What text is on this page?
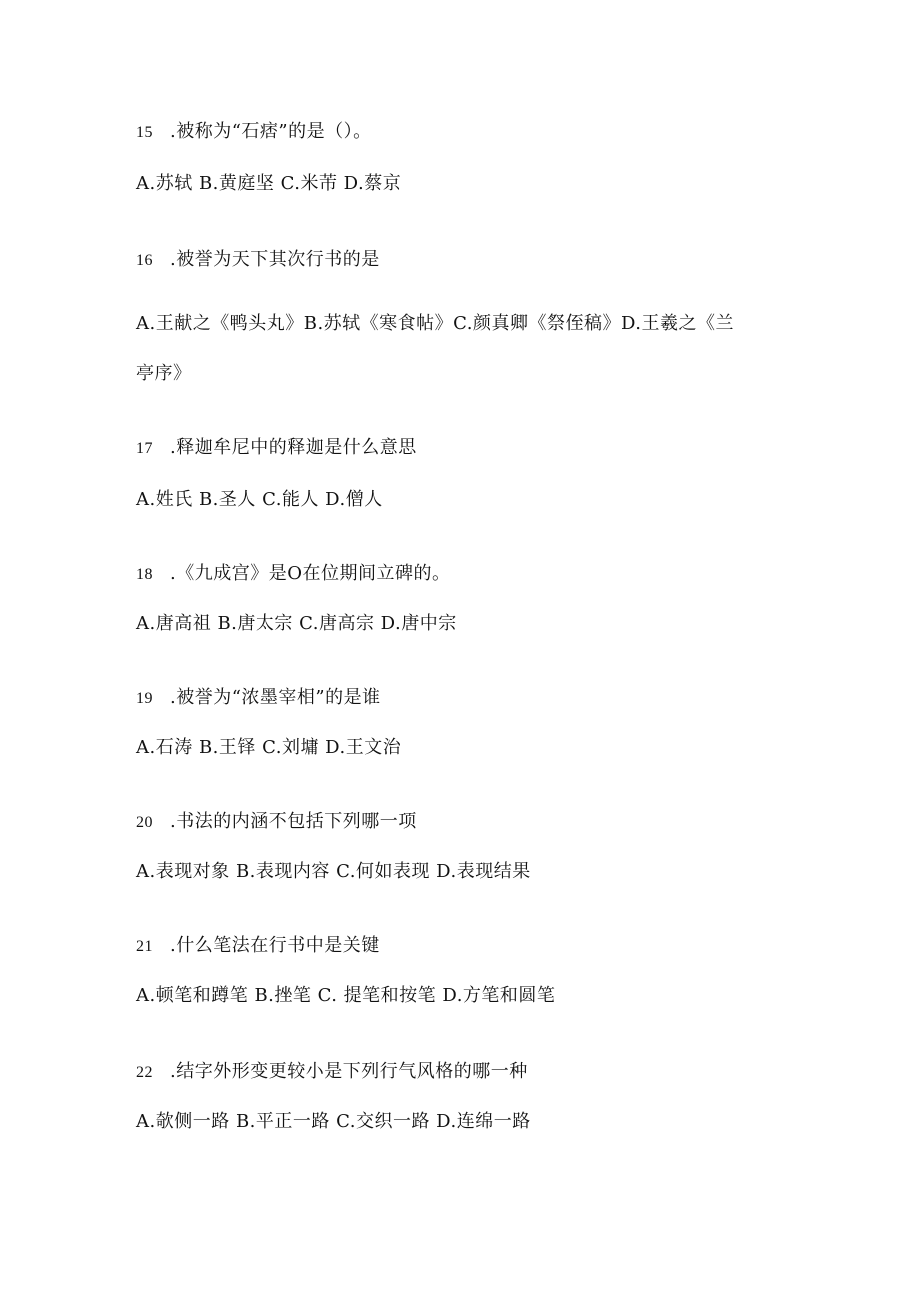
15 .被称为“石痞”的是（）。
A.苏轼 B.黄庭坚 C.米芾 D.蔡京
16 .被誉为天下其次行书的是
A.王献之《鸭头丸》B.苏轼《寒食帖》C.颜真卿《祭侄稿》D.王羲之《兰
亭序》
17 .释迦牟尼中的释迦是什么意思
A.姓氏 B.圣人 C.能人 D.僧人
18 .《九成宫》是O在位期间立碑的。
A.唐高祖 B.唐太宗 C.唐高宗 D.唐中宗
19 .被誉为“浓墨宰相”的是谁
A.石涛 B.王铎 C.刘墉 D.王文治
20 .书法的内涵不包括下列哪一项
A.表现对象 B.表现内容 C.何如表现 D.表现结果
21 .什么笔法在行书中是关键
A.顿笔和蹲笔 B.挫笔 C. 提笔和按笔 D.方笔和圆笔
22 .结字外形变更较小是下列行气风格的哪一种
A.欹侧一路 B.平正一路 C.交织一路 D.连绵一路
